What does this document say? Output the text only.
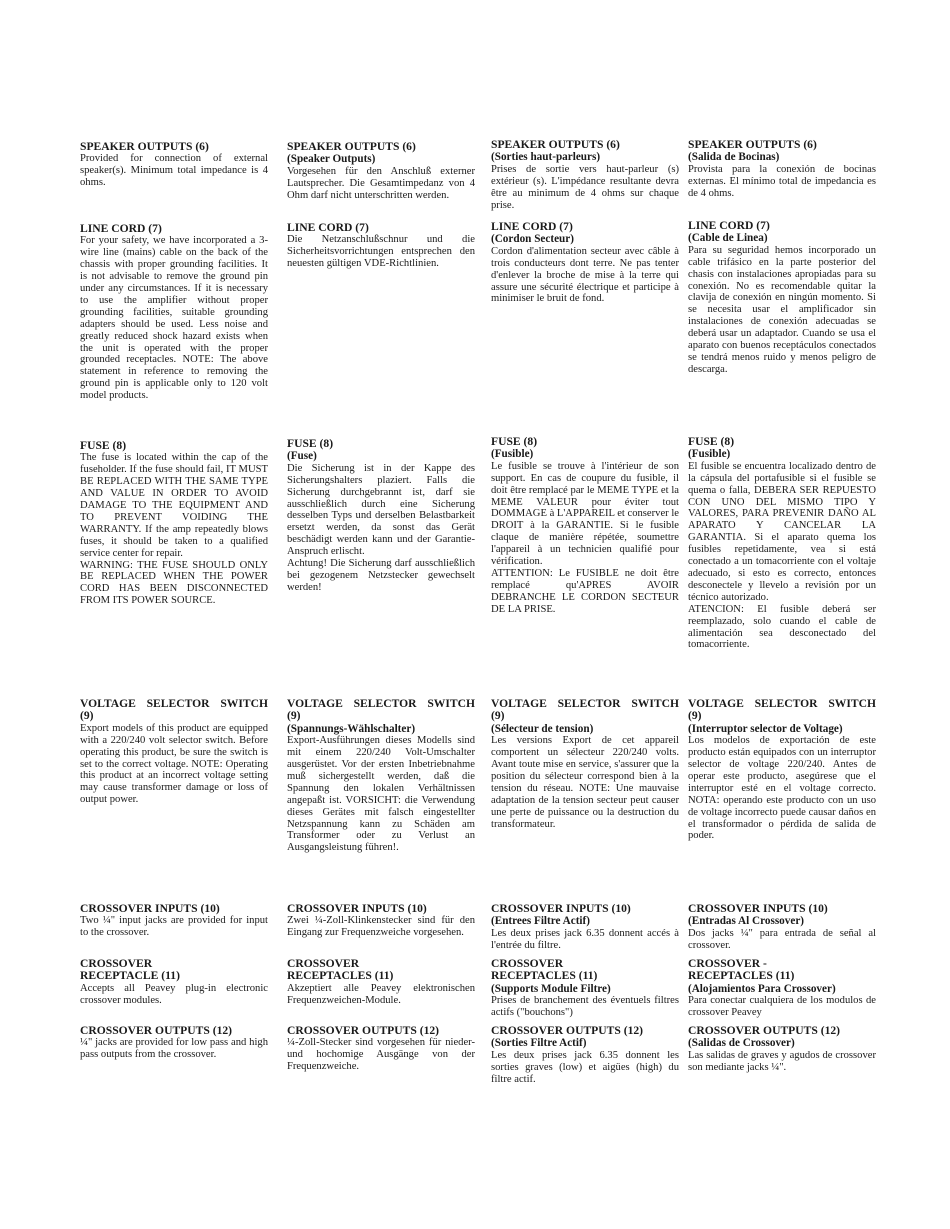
SPEAKER OUTPUTS (6)
Provided for connection of external speaker(s). Minimum total impedance is 4 ohms.
SPEAKER OUTPUTS (6)
(Speaker Outputs)
Vorgesehen für den Anschluß externer Lautsprecher. Die Gesamtimpedanz von 4 Ohm darf nicht unterschritten werden.
SPEAKER OUTPUTS (6)
(Sorties haut-parleurs)
Prises de sortie vers haut-parleur (s) extérieur (s). L'impédance resultante devra être au minimum de 4 ohms sur chaque prise.
SPEAKER OUTPUTS (6)
(Salida de Bocinas)
Provista para la conexión de bocinas externas. El mínimo total de impedancia es de 4 ohms.
LINE CORD (7)
For your safety, we have incorporated a 3-wire line (mains) cable on the back of the chassis with proper grounding facilities. It is not advisable to remove the ground pin under any circumstances. If it is necessary to use the amplifier without proper grounding facilities, suitable grounding adapters should be used. Less noise and greatly reduced shock hazard exists when the unit is operated with the proper grounded receptacles. NOTE: The above statement in reference to removing the ground pin is applicable only to 120 volt model products.
LINE CORD (7)
Die Netzanschlußschnur und die Sicherheitsvorrichtungen entsprechen den neuesten gültigen VDE-Richtlinien.
LINE CORD (7)
(Cordon Secteur)
Cordon d'alimentation secteur avec câble à trois conducteurs dont terre. Ne pas tenter d'enlever la broche de mise à la terre qui assure une sécurité électrique et participe à minimiser le bruit de fond.
LINE CORD (7)
(Cable de Linea)
Para su seguridad hemos incorporado un cable trifásico en la parte posterior del chasis con instalaciones apropiadas para su conexión. No es recomendable quitar la clavija de conexión en ningún momento. Si se necesita usar el amplificador sin instalaciones de conexión adecuadas se deberá usar un adaptador. Cuando se usa el aparato con buenos receptáculos conectados se tendrá menos ruido y menos peligro de descarga.
FUSE (8)
The fuse is located within the cap of the fuseholder. If the fuse should fail, IT MUST BE REPLACED WITH THE SAME TYPE AND VALUE IN ORDER TO AVOID DAMAGE TO THE EQUIPMENT AND TO PREVENT VOIDING THE WARRANTY. If the amp repeatedly blows fuses, it should be taken to a qualified service center for repair.
WARNING: THE FUSE SHOULD ONLY BE REPLACED WHEN THE POWER CORD HAS BEEN DISCONNECTED FROM ITS POWER SOURCE.
FUSE (8)
(Fuse)
Die Sicherung ist in der Kappe des Sicherungshalters plaziert. Falls die Sicherung durchgebrannt ist, darf sie ausschließlich durch eine Sicherung desselben Typs und derselben Belastbarkeit ersetzt werden, da sonst das Gerät beschädigt werden kann und der Garantie-Anspruch erlischt.
Achtung! Die Sicherung darf ausschließlich bei gezogenem Netzstecker gewechselt werden!
FUSE (8)
(Fusible)
Le fusible se trouve à l'intérieur de son support. En cas de coupure du fusible, il doit être remplacé par le MEME TYPE et la MEME VALEUR pour éviter tout DOMMAGE à L'APPAREIL et conserver le DROIT à la GARANTIE. Si le fusible claque de manière répétée, soumettre l'appareil à un technicien qualifié pour vérification.
ATTENTION: Le FUSIBLE ne doit être remplacé qu'APRES AVOIR DEBRANCHE LE CORDON SECTEUR DE LA PRISE.
FUSE (8)
(Fusible)
El fusible se encuentra localizado dentro de la cápsula del portafusible si el fusible se quema o falla, DEBERA SER REPUESTO CON UNO DEL MISMO TIPO Y VALORES, PARA PREVENIR DAÑO AL APARATO Y CANCELAR LA GARANTIA. Si el aparato quema los fusibles repetidamente, vea si está conectado a un tomacorriente con el voltaje adecuado, si esto es correcto, entonces desconectele y llevelo a revisión por un técnico autorizado.
ATENCION: El fusible deberá ser reemplazado, solo cuando el cable de alimentación sea desconectado del tomacorriente.
VOLTAGE SELECTOR SWITCH (9)
Export models of this product are equipped with a 220/240 volt selector switch. Before operating this product, be sure the switch is set to the correct voltage. NOTE: Operating this product at an incorrect voltage setting may cause transformer damage or loss of output power.
VOLTAGE SELECTOR SWITCH (9)
(Spannungs-Wählschalter)
Export-Ausführungen dieses Modells sind mit einem 220/240 Volt-Umschalter ausgerüstet. Vor der ersten Inbetriebnahme muß sichergestellt werden, daß die Spannung den lokalen Verhältnissen angepaßt ist. VORSICHT: die Verwendung dieses Gerätes mit falsch eingestellter Netzspannung kann zu Schäden am Transformer oder zu Verlust an Ausgangsleistung führen!.
VOLTAGE SELECTOR SWITCH (9)
(Sélecteur de tension)
Les versions Export de cet appareil comportent un sélecteur 220/240 volts. Avant toute mise en service, s'assurer que la position du sélecteur correspond bien à la tension du réseau. NOTE: Une mauvaise adaptation de la tension secteur peut causer une perte de puissance ou la destruction du transformateur.
VOLTAGE SELECTOR SWITCH (9)
(Interruptor selector de Voltage)
Los modelos de exportación de este producto están equipados con un interruptor selector de voltage 220/240. Antes de operar este producto, asegúrese que el interruptor esté en el voltage correcto. NOTA: operando este producto con un uso de voltage incorrecto puede causar daños en el transformador o pérdida de salida de poder.
CROSSOVER INPUTS (10)
Two ¼" input jacks are provided for input to the crossover.
CROSSOVER INPUTS (10)
Zwei ¼-Zoll-Klinkenstecker sind für den Eingang zur Frequenzweiche vorgesehen.
CROSSOVER INPUTS (10)
(Entrees Filtre Actif)
Les deux prises jack 6.35 donnent accés à l'entrée du filtre.
CROSSOVER INPUTS (10)
(Entradas Al Crossover)
Dos jacks ¼" para entrada de señal al crossover.
CROSSOVER
RECEPTACLE (11)
Accepts all Peavey plug-in electronic crossover modules.
CROSSOVER
RECEPTACLES (11)
Akzeptiert alle Peavey elektronischen Frequenzweichen-Module.
CROSSOVER
RECEPTACLES (11)
(Supports Module Filtre)
Prises de branchement des éventuels filtres actifs ("bouchons")
CROSSOVER -
RECEPTACLES (11)
(Alojamientos Para Crossover)
Para conectar cualquiera de los modulos de crossover Peavey
CROSSOVER OUTPUTS (12)
¼" jacks are provided for low pass and high pass outputs from the crossover.
CROSSOVER OUTPUTS (12)
¼-Zoll-Stecker sind vorgesehen für nieder- und hochomige Ausgänge von der Frequenzweiche.
CROSSOVER OUTPUTS (12)
(Sorties Filtre Actif)
Les deux prises jack 6.35 donnent les sorties graves (low) et aigües (high) du filtre actif.
CROSSOVER OUTPUTS (12)
(Salidas de Crossover)
Las salidas de graves y agudos de crossover son mediante jacks ¼".
